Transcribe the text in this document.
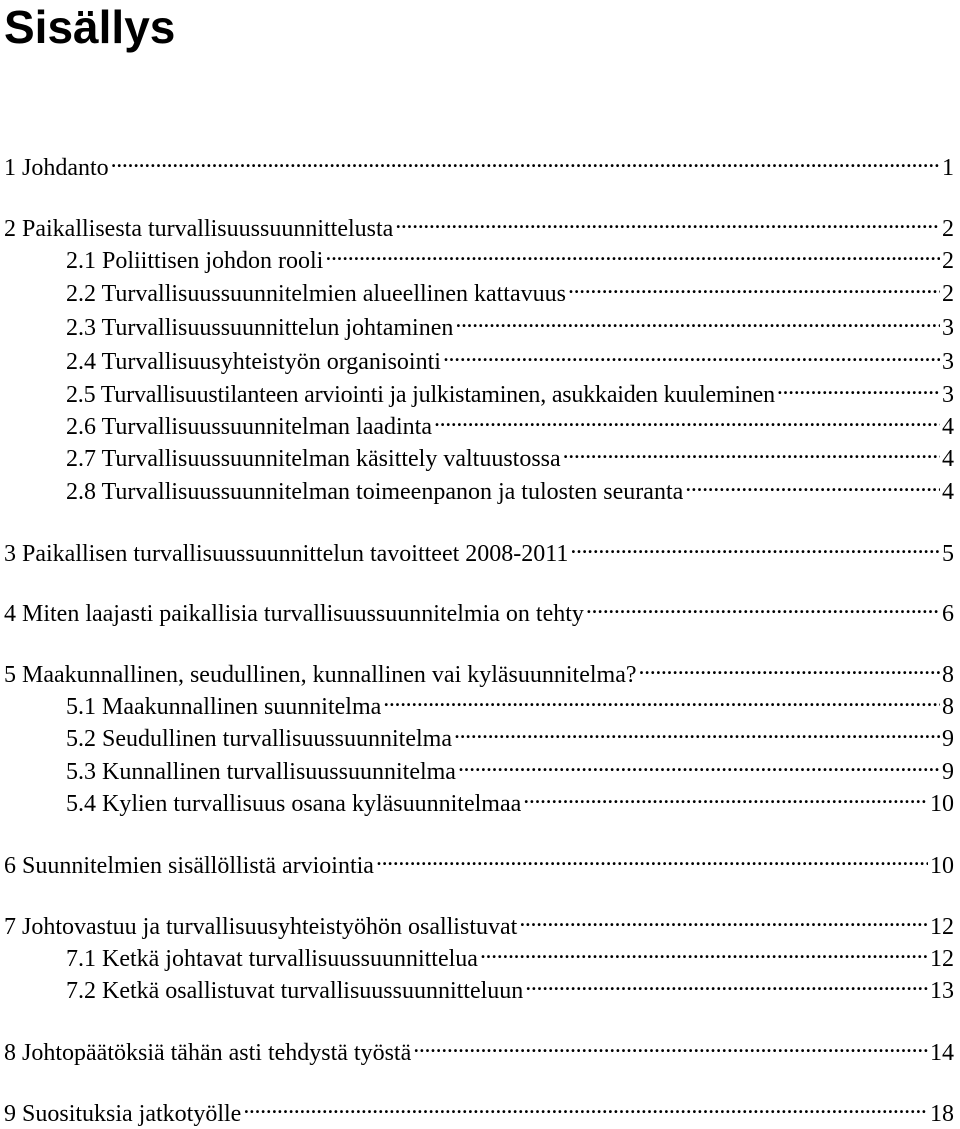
Sisällys
1 Johdanto . . .	1
2 Paikallisesta turvallisuussuunnittelusta . . .	2
2.1 Poliittisen johdon rooli . . .	2
2.2 Turvallisuussuunnitelmien alueellinen kattavuus . . .	2
2.3 Turvallisuussuunnittelun johtaminen . . .	3
2.4 Turvallisuusyhteistyön organisointi . . .	3
2.5 Turvallisuustilanteen arviointi ja julkistaminen, asukkaiden kuuleminen . . .	3
2.6 Turvallisuussuunnitelman laadinta . . .	4
2.7 Turvallisuussuunnitelman käsittely valtuustossa . . .	4
2.8 Turvallisuussuunnitelman toimeenpanon ja tulosten seuranta . . .	4
3 Paikallisen turvallisuussuunnittelun tavoitteet 2008-2011 . . .	5
4 Miten laajasti paikallisia turvallisuussuunnitelmia on tehty . . .	6
5 Maakunnallinen, seudullinen, kunnallinen vai kyläsuunnitelma? . . .	8
5.1 Maakunnallinen suunnitelma . . .	8
5.2 Seudullinen turvallisuussuunnitelma . . .	9
5.3 Kunnallinen turvallisuussuunnitelma . . .	9
5.4 Kylien turvallisuus osana kyläsuunnitelmaa . . .	10
6 Suunnitelmien sisällöllistä arviointia . . .	10
7 Johtovastuu ja turvallisuusyhteistyöhön osallistuvat . . .	12
7.1 Ketkä johtavat turvallisuussuunnittelua . . .	12
7.2 Ketkä osallistuvat turvallisuussuunnitteluun . . .	13
8 Johtopäätöksiä tähän asti tehdystä työstä . . .	14
9 Suosituksia jatkotyölle . . .	18
